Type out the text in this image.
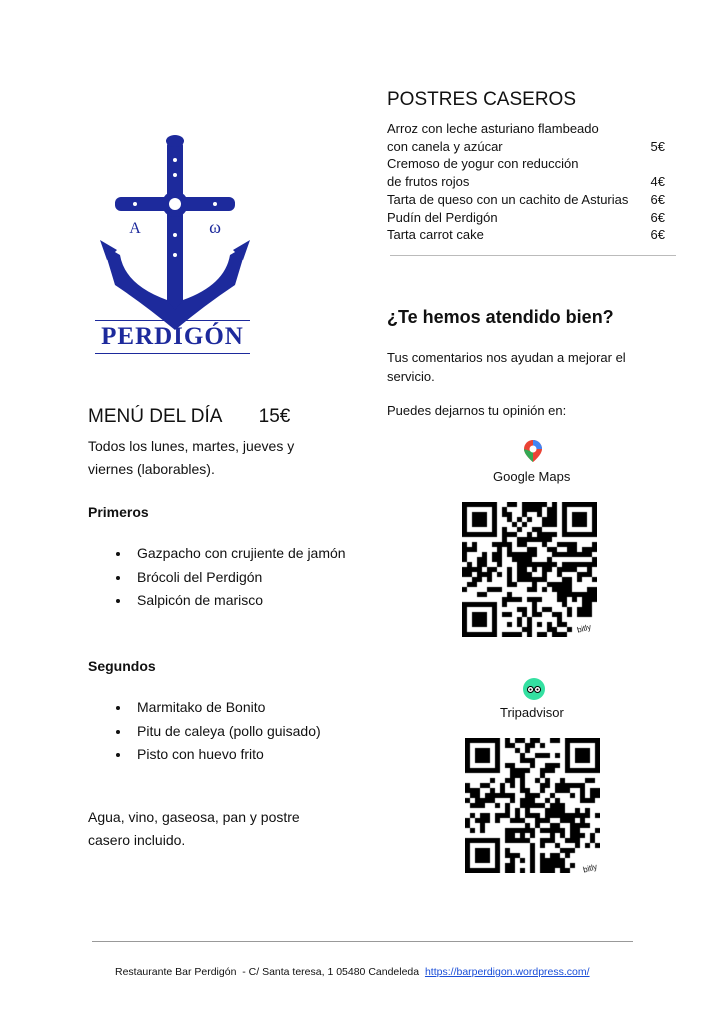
A	ω
PERDIGÓN
POSTRES CASEROS
Arroz con leche asturiano flambeado
con canela y azúcar	5€
Cremoso de yogur con reducción
de frutos rojos	4€
Tarta de queso con un cachito de Asturias 6€
Pudín del Perdigón	6€
Tarta carrot cake	6€
¿Te hemos atendido bien?
Tus comentarios nos ayudan a mejorar el servicio.
Puedes dejarnos tu opinión en:
Google Maps
bitly
Tripadvisor
bitly
MENÚ DEL DÍA 15€
Todos los lunes, martes, jueves y viernes (laborables).
Primeros
• Gazpacho con crujiente de jamón
• Brócoli del Perdigón
• Salpicón de marisco
Segundos
• Marmitako de Bonito
• Pitu de caleya (pollo guisado)
• Pisto con huevo frito
Agua, vino, gaseosa, pan y postre casero incluido.
Restaurante Bar Perdigón  - C/ Santa teresa, 1 05480 Candeleda https://barperdigon.wordpress.com/
